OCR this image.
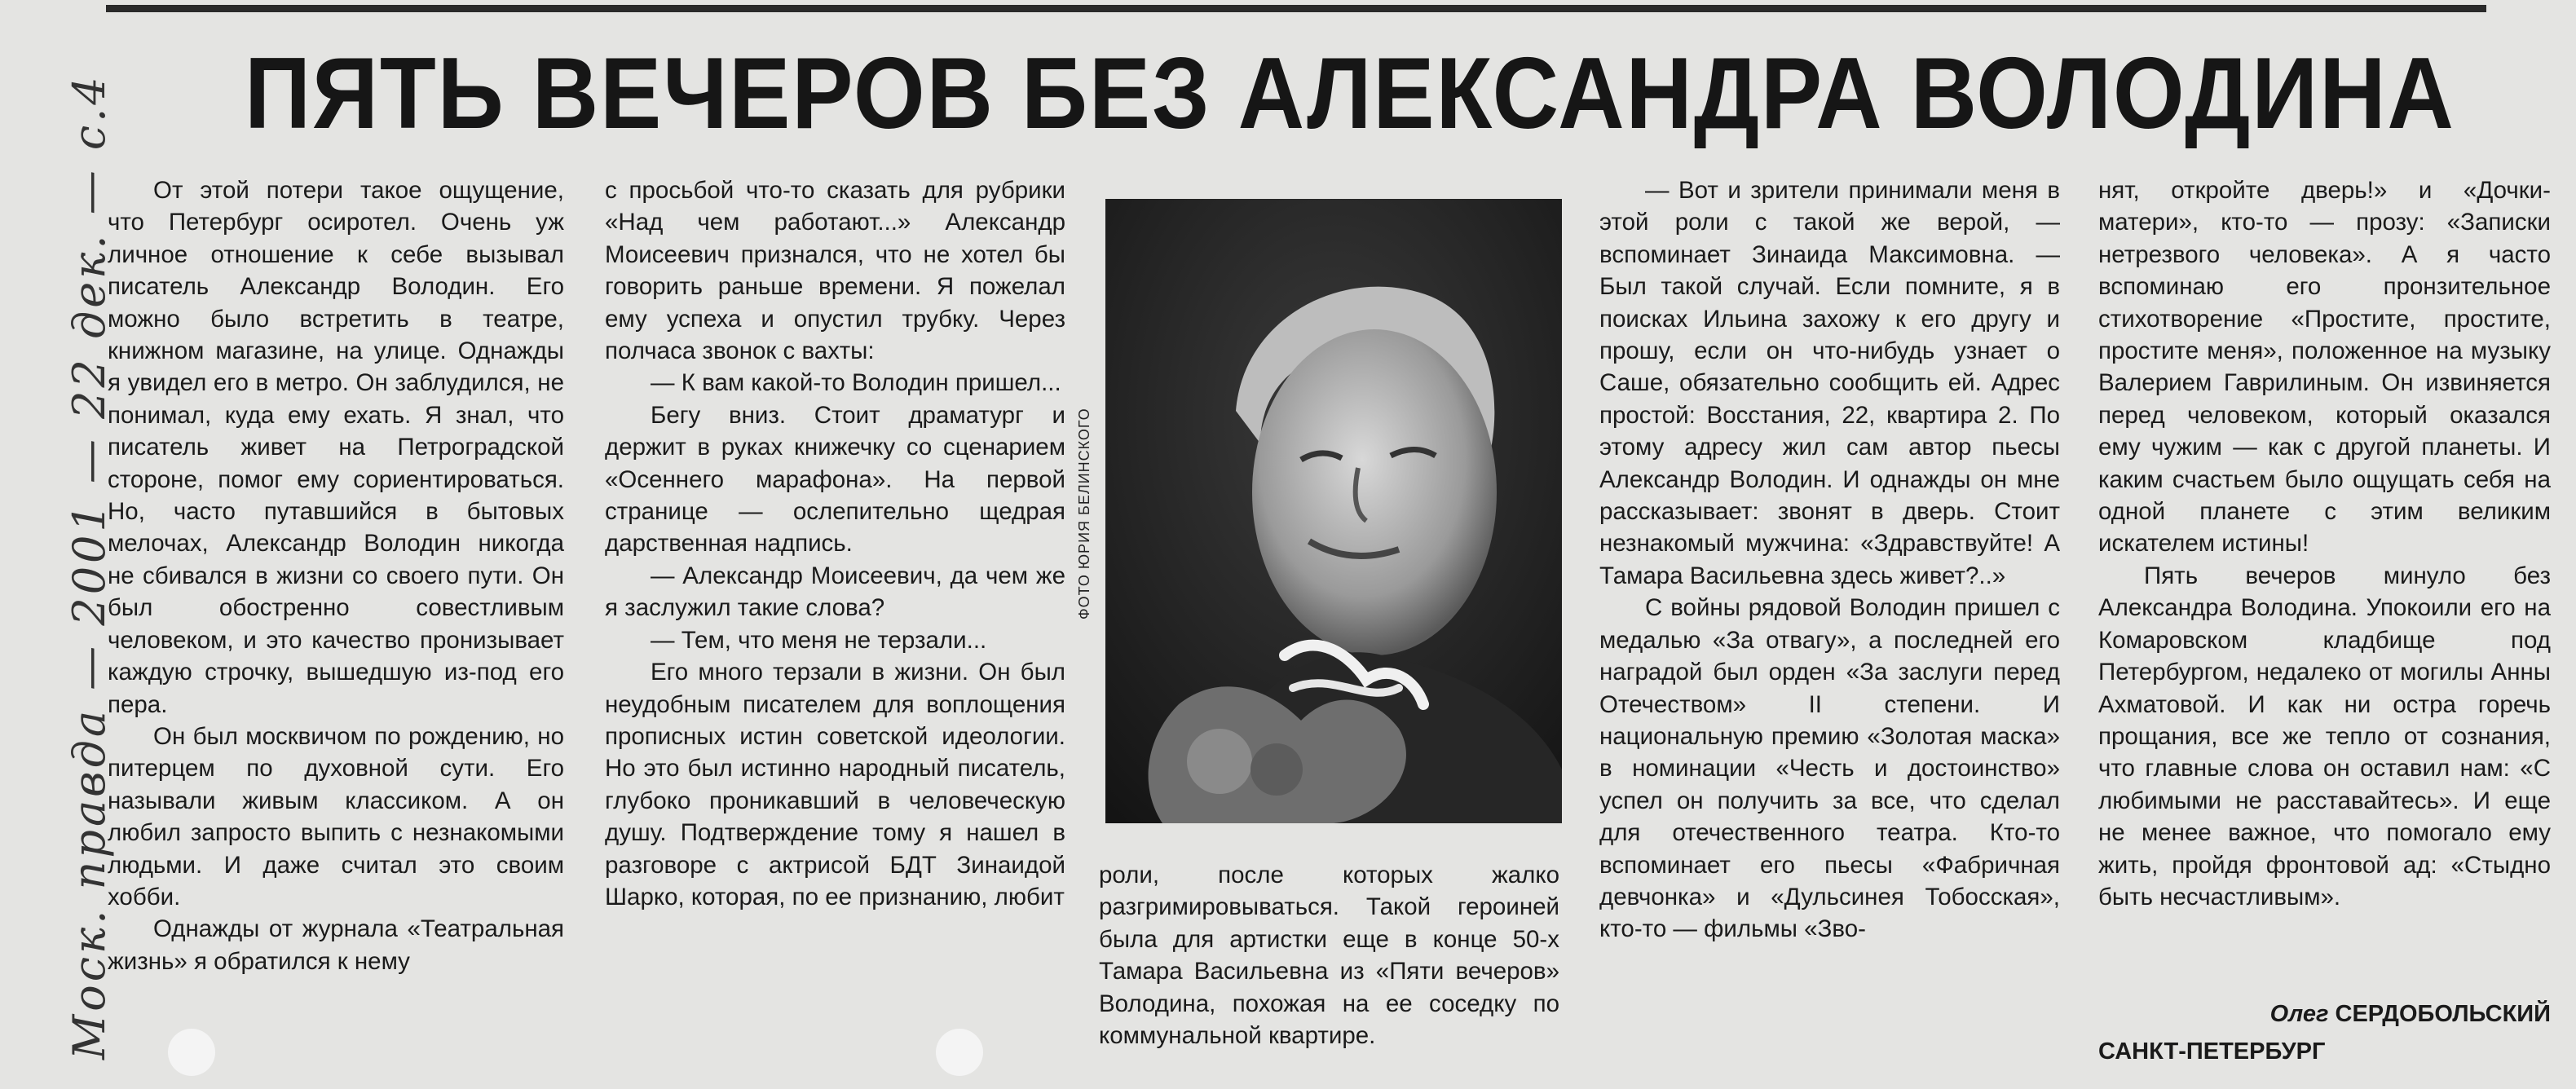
ПЯТЬ ВЕЧЕРОВ БЕЗ АЛЕКСАНДРА ВОЛОДИНА

От этой потери такое ощущение, что Петербург осиротел. Очень уж личное отношение к себе вызывал писатель Александр Володин. Его можно было встретить в театре, книжном магазине, на улице. Однажды я увидел его в метро. Он заблудился, не понимал, куда ему ехать. Я знал, что писатель живет на Петроградской стороне, помог ему сориентироваться. Но, часто путавшийся в бытовых мелочах, Александр Володин никогда не сбивался в жизни со своего пути. Он был обостренно совестливым человеком, и это качество пронизывает каждую строчку, вышедшую из-под его пера.

Он был москвичом по рождению, но питерцем по духовной сути. Его называли живым классиком. А он любил запросто выпить с незнакомыми людьми. И даже считал это своим хобби.

Однажды от журнала «Театральная жизнь» я обратился к нему

с просьбой что-то сказать для рубрики «Над чем работают...» Александр Моисеевич признался, что не хотел бы говорить раньше времени. Я пожелал ему успеха и опустил трубку. Через полчаса звонок с вахты:

— К вам какой-то Володин пришел...

Бегу вниз. Стоит драматург и держит в руках книжечку со сценарием «Осеннего марафона». На первой странице — ослепительно щедрая дарственная надпись.

— Александр Моисеевич, да чем же я заслужил такие слова?

— Тем, что меня не терзали...

Его много терзали в жизни. Он был неудобным писателем для воплощения прописных истин советской идеологии. Но это был истинно народный писатель, глубоко проникавший в человеческую душу. Подтверждение тому я нашел в разговоре с актрисой БДТ Зинаидой Шарко, которая, по ее признанию, любит

ФОТО ЮРИЯ БЕЛИНСКОГО

роли, после которых жалко разгримировываться. Такой героиней была для артистки еще в конце 50-х Тамара Васильевна из «Пяти вечеров» Володина, похожая на ее соседку по коммунальной квартире.

— Вот и зрители принимали меня в этой роли с такой же верой, — вспоминает Зинаида Максимовна. — Был такой случай. Если помните, я в поисках Ильина захожу к его другу и прошу, если он что-нибудь узнает о Саше, обязательно сообщить ей. Адрес простой: Восстания, 22, квартира 2. По этому адресу жил сам автор пьесы Александр Володин. И однажды он мне рассказывает: звонят в дверь. Стоит незнакомый мужчина: «Здравствуйте! А Тамара Васильевна здесь живет?..»

С войны рядовой Володин пришел с медалью «За отвагу», а последней его наградой был орден «За заслуги перед Отечеством» II степени. И национальную премию «Золотая маска» в номинации «Честь и достоинство» успел он получить за все, что сделал для отечественного театра. Кто-то вспоминает его пьесы «Фабричная девчонка» и «Дульсинея Тобосская», кто-то — фильмы «Зво-

нят, откройте дверь!» и «Дочки-матери», кто-то — прозу: «Записки нетрезвого человека». А я часто вспоминаю его пронзительное стихотворение «Простите, простите, простите меня», положенное на музыку Валерием Гаврилиным. Он извиняется перед человеком, который оказался ему чужим — как с другой планеты. И каким счастьем было ощущать себя на одной планете с этим великим искателем истины!

Пять вечеров минуло без Александра Володина. Упокоили его на Комаровском кладбище под Петербургом, недалеко от могилы Анны Ахматовой. И как ни остра горечь прощания, все же тепло от сознания, что главные слова он оставил нам: «С любимыми не расставайтесь». И еще не менее важное, что помогало ему жить, пройдя фронтовой ад: «Стыдно быть несчастливым».

Олег СЕРДОБОЛЬСКИЙ
САНКТ-ПЕТЕРБУРГ
Моск. правда — 2001 — 22 дек. — с.4
